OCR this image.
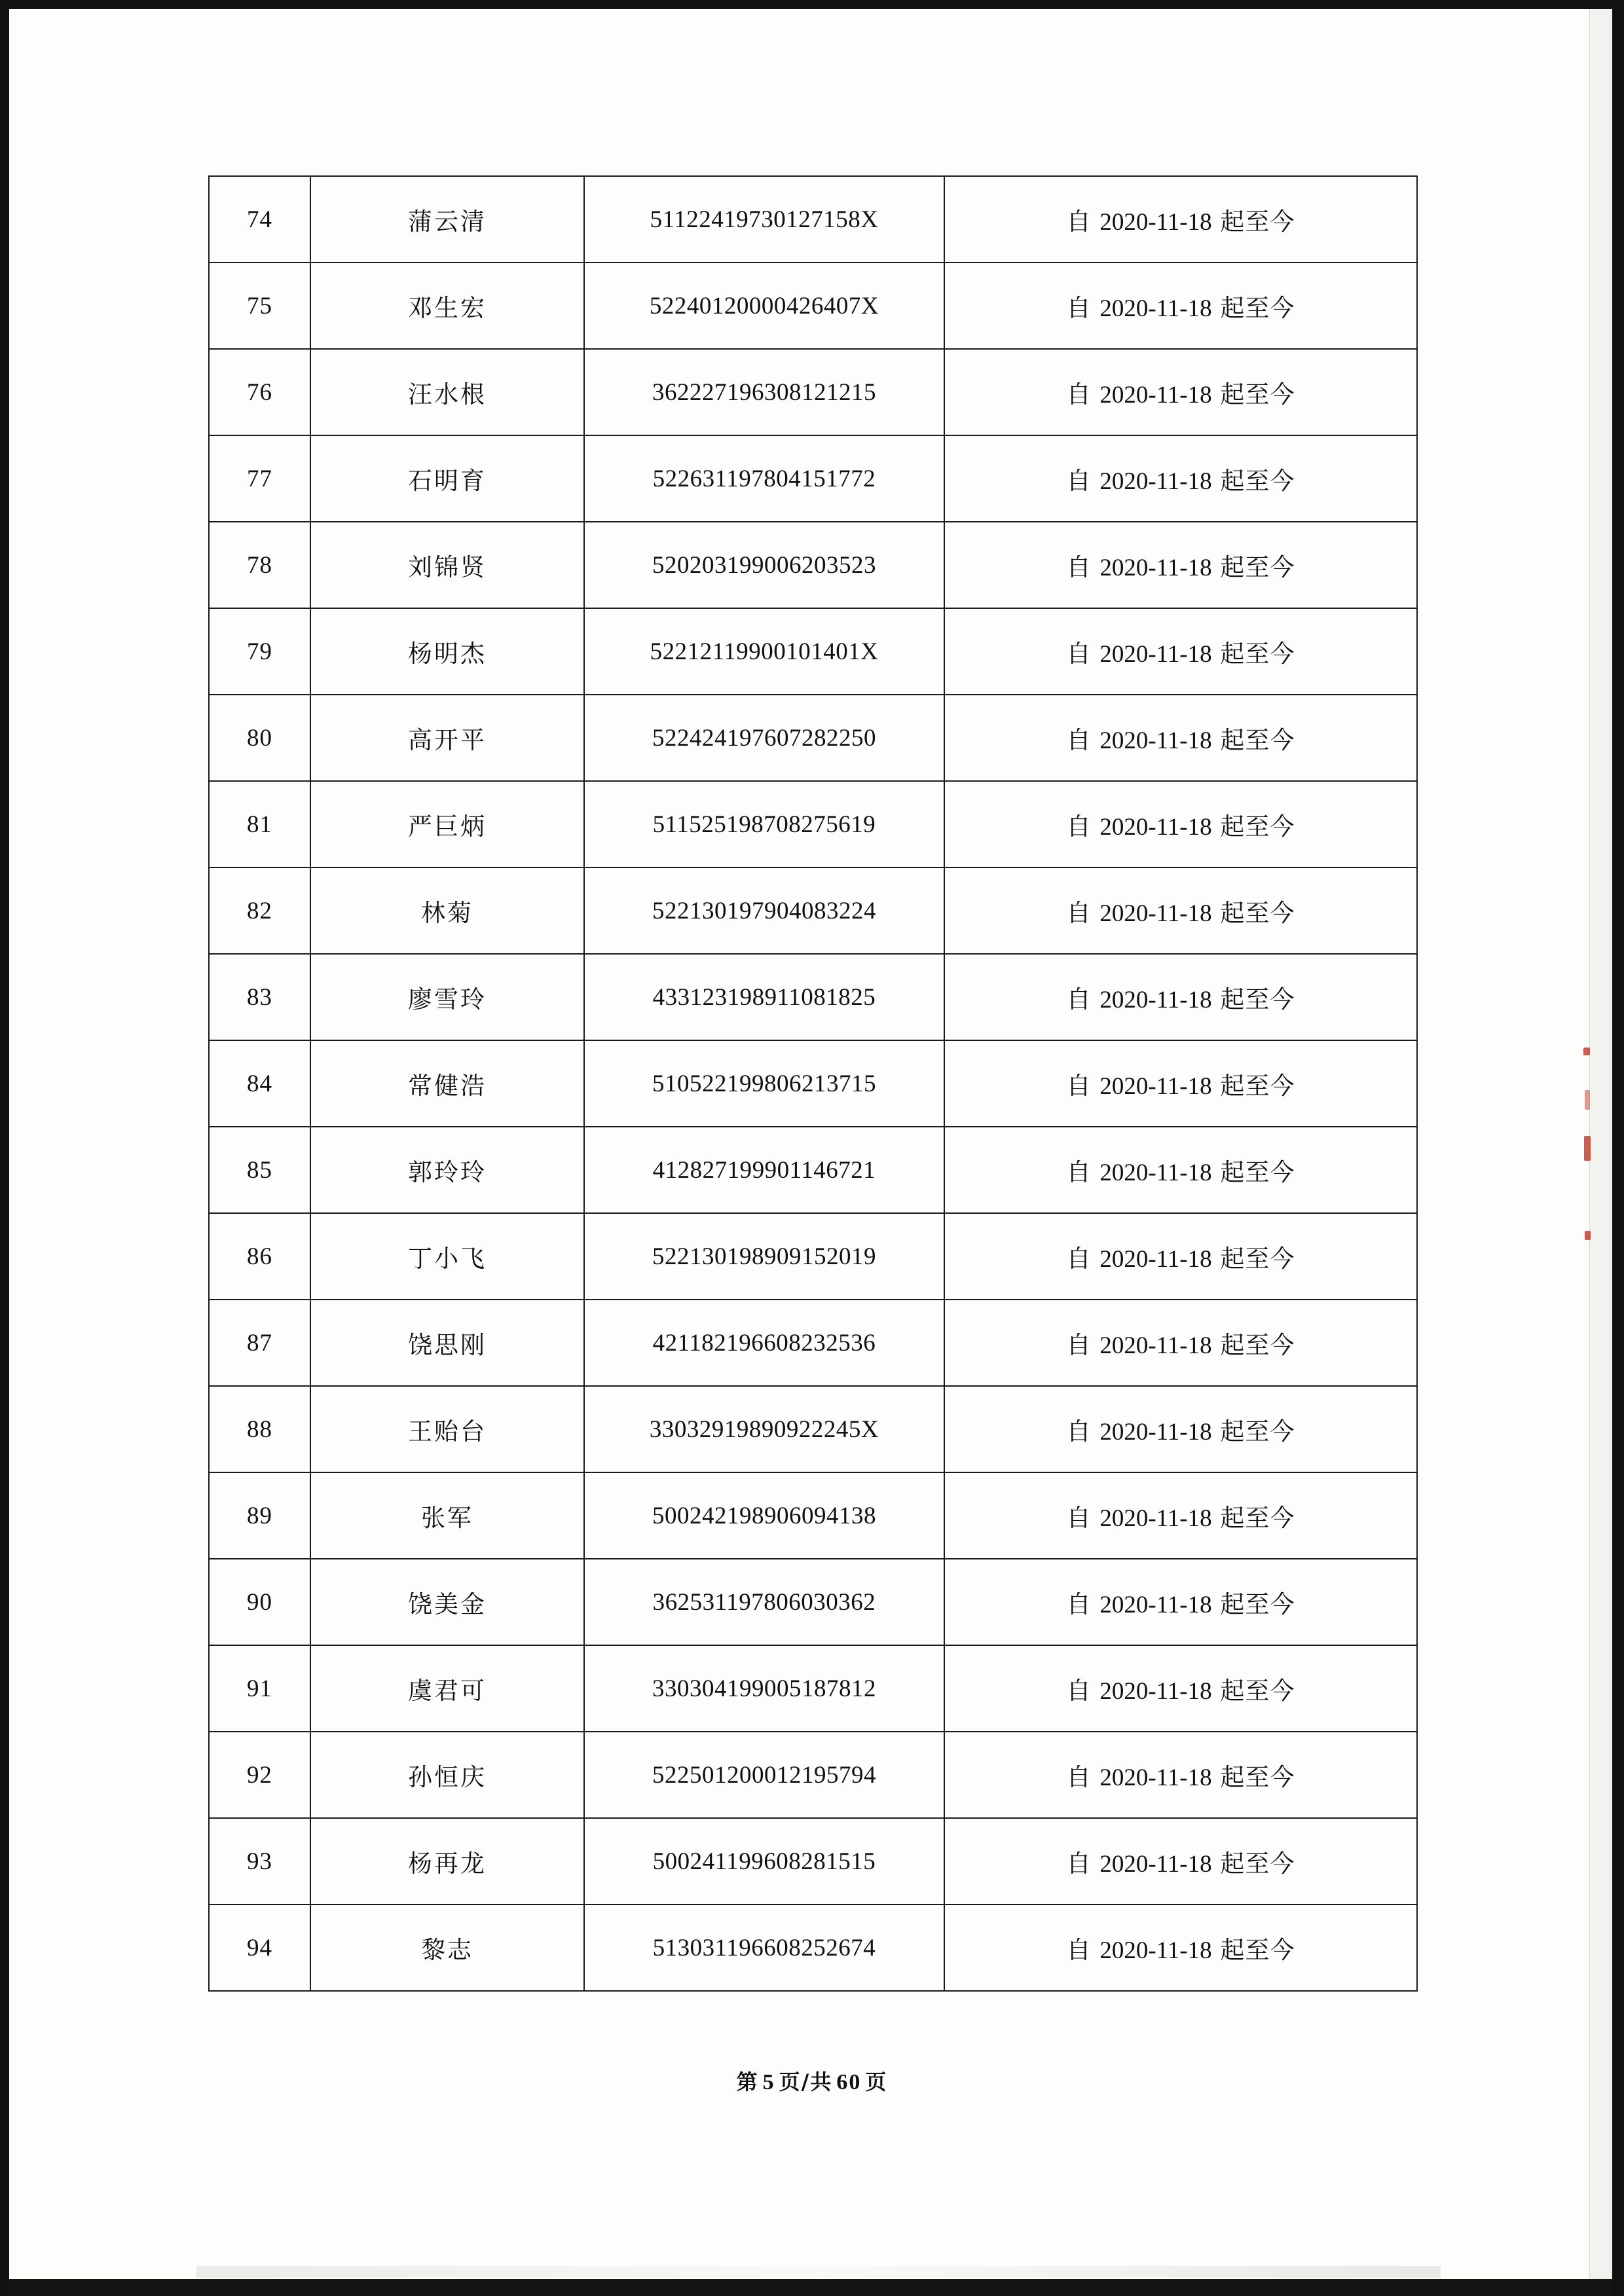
74	蒲云清	51122419730127158X	自 2020-11-18 起至今
75	邓生宏	52240120000426407X	自 2020-11-18 起至今
76	汪水根	362227196308121215	自 2020-11-18 起至今
77	石明育	522631197804151772	自 2020-11-18 起至今
78	刘锦贤	520203199006203523	自 2020-11-18 起至今
79	杨明杰	52212119900101401X	自 2020-11-18 起至今
80	高开平	522424197607282250	自 2020-11-18 起至今
81	严巨炳	511525198708275619	自 2020-11-18 起至今
82	林菊	522130197904083224	自 2020-11-18 起至今
83	廖雪玲	433123198911081825	自 2020-11-18 起至今
84	常健浩	510522199806213715	自 2020-11-18 起至今
85	郭玲玲	412827199901146721	自 2020-11-18 起至今
86	丁小飞	522130198909152019	自 2020-11-18 起至今
87	饶思刚	421182196608232536	自 2020-11-18 起至今
88	王贻台	33032919890922245X	自 2020-11-18 起至今
89	张军	500242198906094138	自 2020-11-18 起至今
90	饶美金	362531197806030362	自 2020-11-18 起至今
91	虞君可	330304199005187812	自 2020-11-18 起至今
92	孙恒庆	522501200012195794	自 2020-11-18 起至今
93	杨再龙	500241199608281515	自 2020-11-18 起至今
94	黎志	513031196608252674	自 2020-11-18 起至今
第 5 页/共 60 页
